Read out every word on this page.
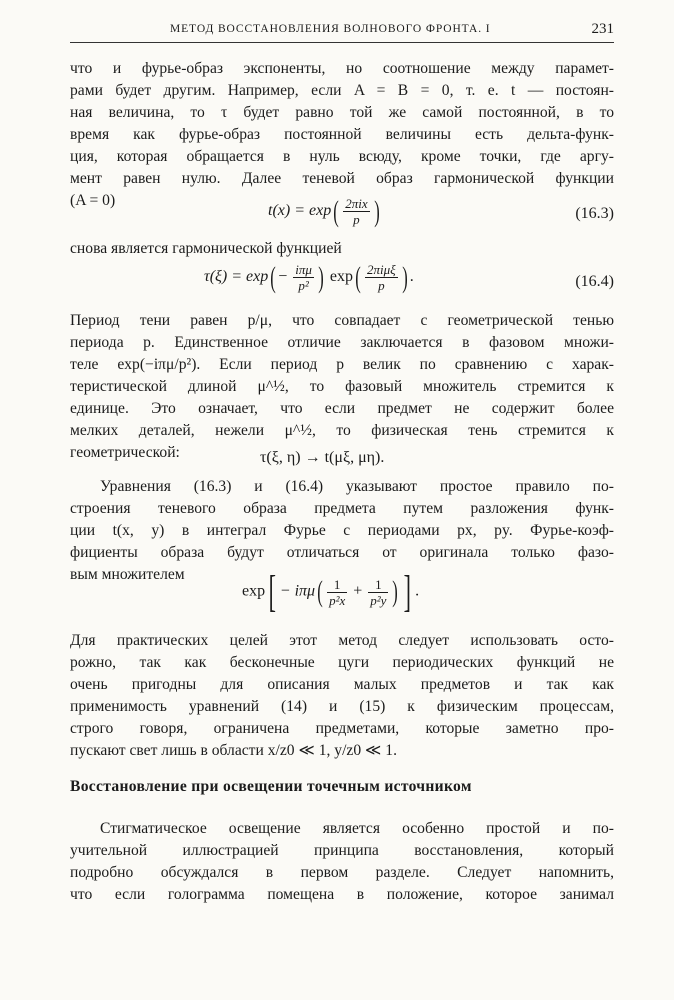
МЕТОД ВОССТАНОВЛЕНИЯ ВОЛНОВОГО ФРОНТА. I	231

что и фурье-образ экспоненты, но соотношение между парамет-

рами будет другим. Например, если A = B = 0, т. е. t — постоян-

ная величина, то τ будет равно той же самой постоянной, в то

время как фурье-образ постоянной величины есть дельта-функ-

ция, которая обращается в нуль всюду, кроме точки, где аргу-

мент равен нулю. Далее теневой образ гармонической функции

(A = 0)

$t(x) = \exp( \frac{\text{2πix}}{p}$ )	(16.3)

снова является гармонической функцией

$\tau(\xi) = \exp( - \frac{\text{iπμ}}{\text{p²}}$ ) $\exp( \frac{\text{2πiμξ}}{p}$ ) .	(16.4)

Период тени равен p/μ, что совпадает с геометрической тенью

периода p. Единственное отличие заключается в фазовом множи-

теле exp(−iπμ/p²). Если период p велик по сравнению с харак-

теристической длиной μ^½, то фазовый множитель стремится к

единице. Это означает, что если предмет не содержит более

мелких деталей, нежели μ^½, то физическая тень стремится к

геометрической:	τ(ξ, η) → t(μξ, μη).

Уравнения (16.3) и (16.4) указывают простое правило по-

строения теневого образа предмета путем разложения функ-

ции t(x, y) в интеграл Фурье с периодами px, py. Фурье-коэф-

фициенты образа будут отличаться от оригинала только фазо-

вым множителем

$\exp[ - i\pi\mu( \frac{1}{\text{p²x}} + \frac{1}{\text{p²y}}$ ) ] .

Для практических целей этот метод следует использовать осто-

рожно, так как бесконечные цуги периодических функций не

очень пригодны для описания малых предметов и так как

применимость уравнений (14) и (15) к физическим процессам,

строго говоря, ограничена предметами, которые заметно про-

пускают свет лишь в области x/z0 ≪ 1, y/z0 ≪ 1.

Восстановление при освещении точечным источником

Стигматическое освещение является особенно простой и по-

учительной иллюстрацией принципа восстановления, который

подробно обсуждался в первом разделе. Следует напомнить,

что если голограмма помещена в положение, которое занимал
